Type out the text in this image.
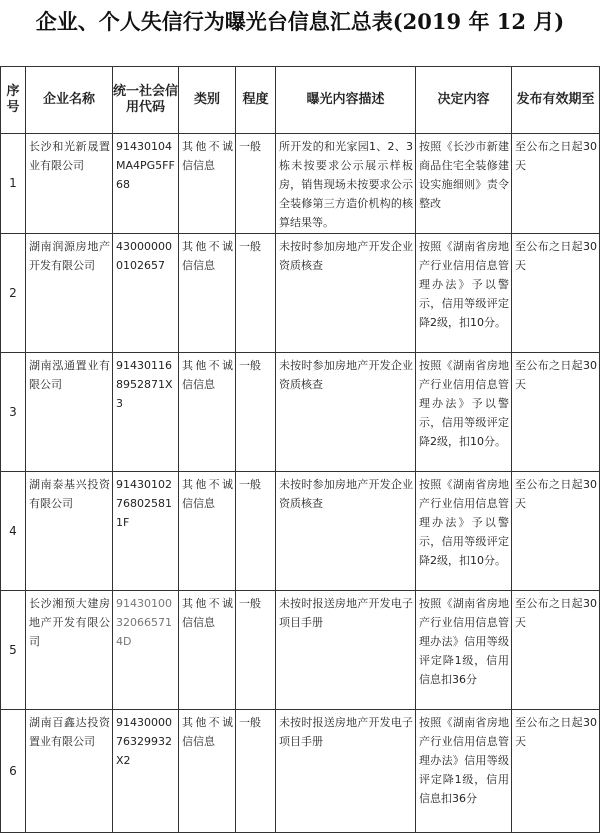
企业、个人失信行为曝光台信息汇总表(2019 年 12 月)
序号	企业名称	统一社会信用代码	类别	程度	曝光内容描述	决定内容	发布有效期至
1	长沙和光新晟置业有限公司	91430104MA4PG5FF68	其他不诚信信息	一般	所开发的和光家园1、2、3栋未按要求公示展示样板房，销售现场未按要求公示全装修第三方造价机构的核算结果等。	按照《长沙市新建商品住宅全装修建设实施细则》责令整改	至公布之日起30天
2	湖南润源房地产开发有限公司	430000000102657	其他不诚信信息	一般	未按时参加房地产开发企业资质核查	按照《湖南省房地产行业信用信息管理办法》予以警示，信用等级评定降2级，扣10分。	至公布之日起30天
3	湖南泓通置业有限公司	914301168952871X3	其他不诚信信息	一般	未按时参加房地产开发企业资质核查	按照《湖南省房地产行业信用信息管理办法》予以警示，信用等级评定降2级，扣10分。	至公布之日起30天
4	湖南泰基兴投资有限公司	9143010276802581 1F	其他不诚信信息	一般	未按时参加房地产开发企业资质核查	按照《湖南省房地产行业信用信息管理办法》予以警示，信用等级评定降2级，扣10分。	至公布之日起30天
5	长沙湘预大建房地产开发有限公司	91430100320665714D	其他不诚信信息	一般	未按时报送房地产开发电子项目手册	按照《湖南省房地产行业信用信息管理办法》信用等级评定降1级，信用信息扣36分	至公布之日起30天
6	湖南百鑫达投资置业有限公司	9143000076329932X2	其他不诚信信息	一般	未按时报送房地产开发电子项目手册	按照《湖南省房地产行业信用信息管理办法》信用等级评定降1级，信用信息扣36分	至公布之日起30天
